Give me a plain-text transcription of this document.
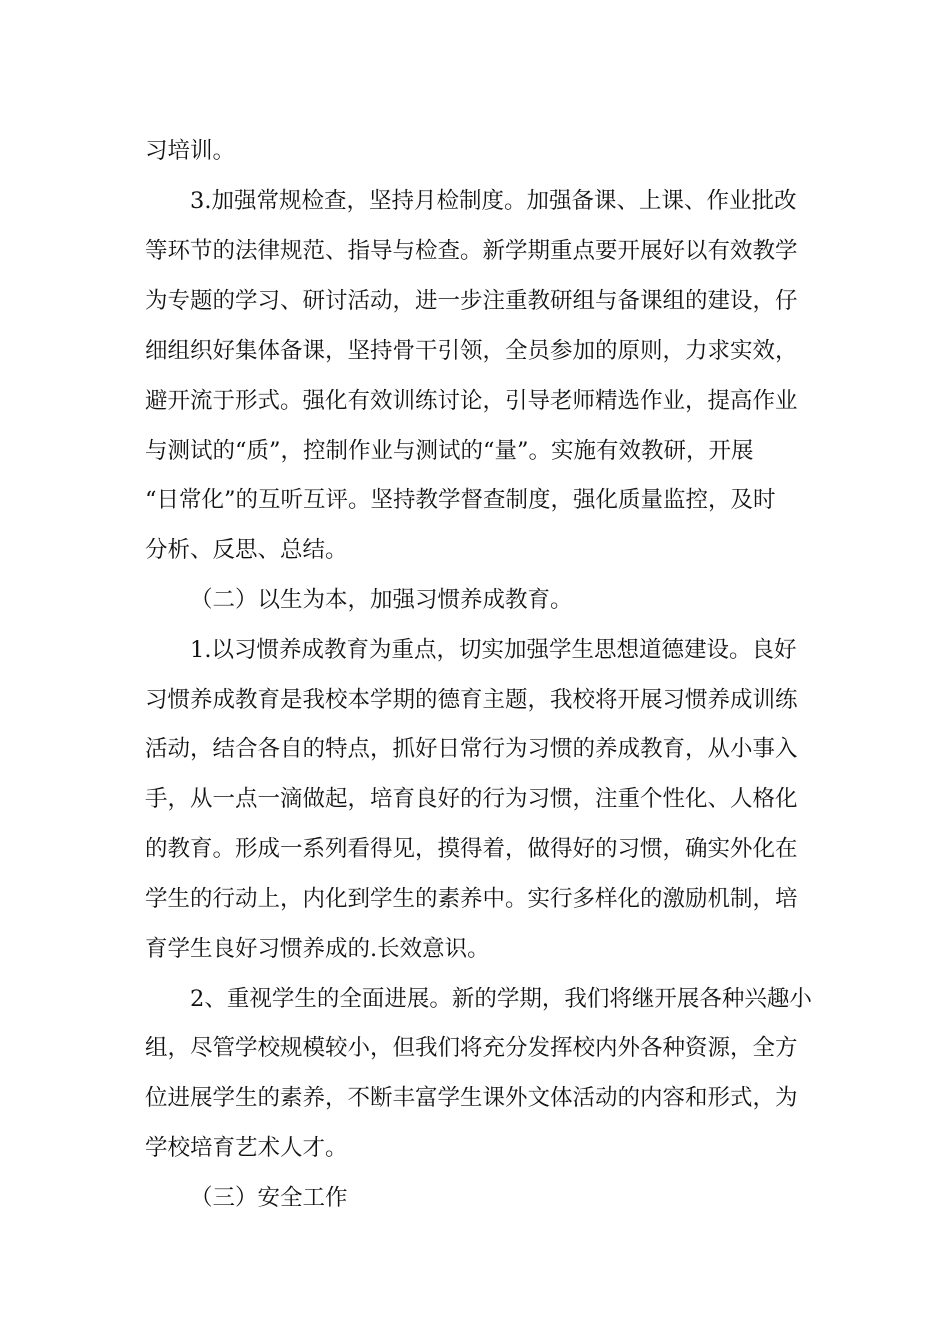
习培训。

3.加强常规检查，坚持月检制度。加强备课、上课、作业批改

等环节的法律规范、指导与检查。新学期重点要开展好以有效教学

为专题的学习、研讨活动，进一步注重教研组与备课组的建设，仔

细组织好集体备课，坚持骨干引领，全员参加的原则，力求实效，

避开流于形式。强化有效训练讨论，引导老师精选作业，提高作业

与测试的“质”，控制作业与测试的“量”。实施有效教研，开展

“日常化”的互听互评。坚持教学督查制度，强化质量监控，及时

分析、反思、总结。

（二）以生为本，加强习惯养成教育。

1.以习惯养成教育为重点，切实加强学生思想道德建设。良好

习惯养成教育是我校本学期的德育主题，我校将开展习惯养成训练

活动，结合各自的特点，抓好日常行为习惯的养成教育，从小事入

手，从一点一滴做起，培育良好的行为习惯，注重个性化、人格化

的教育。形成一系列看得见，摸得着，做得好的习惯，确实外化在

学生的行动上，内化到学生的素养中。实行多样化的激励机制，培

育学生良好习惯养成的.长效意识。

2、重视学生的全面进展。新的学期，我们将继开展各种兴趣小

组，尽管学校规模较小，但我们将充分发挥校内外各种资源，全方

位进展学生的素养，不断丰富学生课外文体活动的内容和形式，为

学校培育艺术人才。

（三）安全工作
